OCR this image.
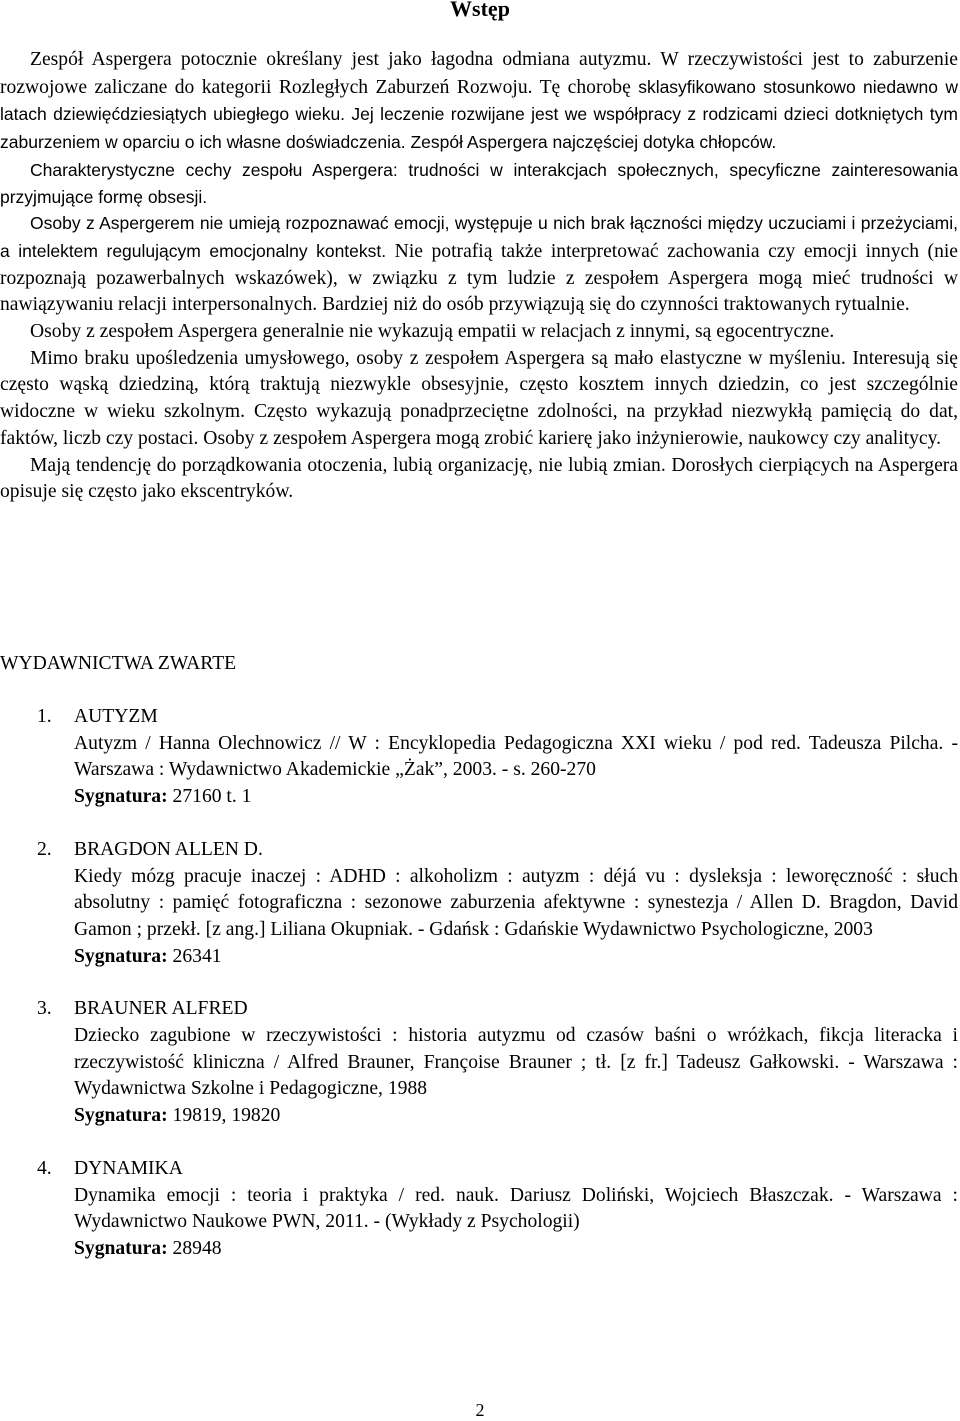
Wstęp

Zespół Aspergera potocznie określany jest jako łagodna odmiana autyzmu. W rzeczywistości jest to zaburzenie rozwojowe zaliczane do kategorii Rozległych Zaburzeń Rozwoju. Tę chorobę sklasyfikowano stosunkowo niedawno w latach dziewięćdziesiątych ubiegłego wieku. Jej leczenie rozwijane jest we współpracy z rodzicami dzieci dotkniętych tym zaburzeniem w oparciu o ich własne doświadczenia. Zespół Aspergera najczęściej dotyka chłopców.

Charakterystyczne cechy zespołu Aspergera: trudności w interakcjach społecznych, specyficzne zainteresowania przyjmujące formę obsesji.

Osoby z Aspergerem nie umieją rozpoznawać emocji, występuje u nich brak łączności między uczuciami i przeżyciami, a intelektem regulującym emocjonalny kontekst. Nie potrafią także interpretować zachowania czy emocji innych (nie rozpoznają pozawerbalnych wskazówek), w związku z tym ludzie z zespołem Aspergera mogą mieć trudności w nawiązywaniu relacji interpersonalnych. Bardziej niż do osób przywiązują się do czynności traktowanych rytualnie.

Osoby z zespołem Aspergera generalnie nie wykazują empatii w relacjach z innymi, są egocentryczne.

Mimo braku upośledzenia umysłowego, osoby z zespołem Aspergera są mało elastyczne w myśleniu. Interesują się często wąską dziedziną, którą traktują niezwykle obsesyjnie, często kosztem innych dziedzin, co jest szczególnie widoczne w wieku szkolnym. Często wykazują ponadprzeciętne zdolności, na przykład niezwykłą pamięcią do dat, faktów, liczb czy postaci. Osoby z zespołem Aspergera mogą zrobić karierę jako inżynierowie, naukowcy czy analitycy.

Mają tendencję do porządkowania otoczenia, lubią organizację, nie lubią zmian. Dorosłych cierpiących na Aspergera opisuje się często jako ekscentryków.

WYDAWNICTWA ZWARTE
1. AUTYZM
Autyzm / Hanna Olechnowicz // W : Encyklopedia Pedagogiczna XXI wieku / pod red. Tadeusza Pilcha. - Warszawa : Wydawnictwo Akademickie „Żak”, 2003. - s. 260-270
Sygnatura: 27160 t. 1
2. BRAGDON ALLEN D.
Kiedy mózg pracuje inaczej : ADHD : alkoholizm : autyzm : déjá vu : dysleksja : leworęczność : słuch absolutny : pamięć fotograficzna : sezonowe zaburzenia afektywne : synestezja / Allen D. Bragdon, David Gamon ; przekł. [z ang.] Liliana Okupniak. - Gdańsk : Gdańskie Wydawnictwo Psychologiczne, 2003
Sygnatura: 26341
3. BRAUNER ALFRED
Dziecko zagubione w rzeczywistości : historia autyzmu od czasów baśni o wróżkach, fikcja literacka i rzeczywistość kliniczna / Alfred Brauner, Françoise Brauner ; tł. [z fr.] Tadeusz Gałkowski. - Warszawa : Wydawnictwa Szkolne i Pedagogiczne, 1988
Sygnatura: 19819, 19820
4. DYNAMIKA
Dynamika emocji : teoria i praktyka / red. nauk. Dariusz Doliński, Wojciech Błaszczak. - Warszawa : Wydawnictwo Naukowe PWN, 2011. - (Wykłady z Psychologii)
Sygnatura: 28948
2
